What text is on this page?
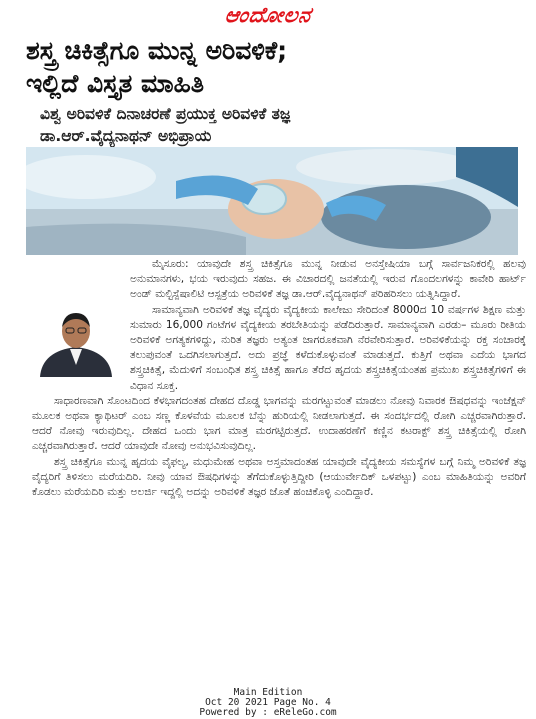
ಆಂದೋಲನ
ಶಸ್ತ್ರ ಚಿಕಿತ್ಸೆಗೂ ಮುನ್ನ ಅರಿವಳಿಕೆ;
ಇಲ್ಲಿದೆ ವಿಸ್ತೃತ ಮಾಹಿತಿ
ವಿಶ್ವ ಅರಿವಳಿಕೆ ದಿನಾಚರಣೆ ಪ್ರಯುಕ್ತ ಅರಿವಳಿಕೆ ತಜ್ಞ
ಡಾ.ಆರ್.ವೈದ್ಯನಾಥನ್ ಅಭಿಪ್ರಾಯ

ಮೈಸೂರು: ಯಾವುದೇ ಶಸ್ತ್ರ ಚಿಕಿತ್ಸೆಗೂ ಮುನ್ನ ನೀಡುವ ಅನಸ್ತೇಷಿಯಾ ಬಗ್ಗೆ ಸಾರ್ವಜನಿಕರಲ್ಲಿ ಹಲವು ಅನುಮಾನಗಳು, ಭಯ ಇರುವುದು ಸಹಜ. ಈ ವಿಚಾರದಲ್ಲಿ ಜನತೆಯಲ್ಲಿ ಇರುವ ಗೊಂದಲಗಳನ್ನು ಕಾವೇರಿ ಹಾರ್ಟ್ ಅಂಡ್ ಮಲ್ಟಿಸ್ಪೆಷಾಲಿಟಿ ಆಸ್ಪತ್ರೆಯ ಅರಿವಳಿಕೆ ತಜ್ಞ ಡಾ.ಆರ್.ವೈದ್ಯನಾಥನ್ ಪರಿಹರಿಸಲು ಯತ್ನಿಸಿದ್ದಾರೆ.

ಸಾಮಾನ್ಯವಾಗಿ ಅರಿವಳಿಕೆ ತಜ್ಞ ವೈದ್ಯರು ವೈದ್ಯಕೀಯ ಕಾಲೇಜು ಸೇರಿದಂತೆ 8000ದ 10 ವರ್ಷಗಳ ಶಿಕ್ಷಣ ಮತ್ತು ಸುಮಾರು 16,000 ಗಂಟೆಗಳ ವೈದ್ಯಕೀಯ ತರಬೇತಿಯನ್ನು ಪಡೆದಿರುತ್ತಾರೆ. ಸಾಮಾನ್ಯವಾಗಿ ಎರಡು– ಮೂರು ರೀತಿಯ ಅರಿವಳಿಕೆ ಅಗತ್ಯಕಗಳಿದ್ದು, ನುರಿತ ತಜ್ಞರು ಅತ್ಯಂತ ಜಾಗರೂಕವಾಗಿ ನೆರವೇರಿಸುತ್ತಾರೆ. ಅರಿವಳಿಕೆಯನ್ನು ರಕ್ತ ಸಂಚಾರಕ್ಕೆ ತಲುಪುವಂತೆ ಒದಗಿಸಲಾಗುತ್ತದೆ. ಅದು ಪ್ರಜ್ಞೆ ಕಳೆದುಕೊಳ್ಳುವಂತೆ ಮಾಡುತ್ತದೆ. ಕುತ್ತಿಗೆ ಅಥವಾ ಎದೆಯ ಭಾಗದ ಶಸ್ತ್ರಚಿಕಿತ್ಸೆ, ಮೆದುಳಿಗೆ ಸಂಬಂಧಿತ ಶಸ್ತ್ರ ಚಿಕಿತ್ಸೆ ಹಾಗೂ ತೆರೆದ ಹೃದಯ ಶಸ್ತ್ರಚಿಕಿತ್ಸೆಯಂತಹ ಪ್ರಮುಖ ಶಸ್ತ್ರಚಿಕಿತ್ಸೆಗಳಿಗೆ ಈ ವಿಧಾನ ಸೂಕ್ತ.

ಸಾಧಾರಣವಾಗಿ ಸೊಂಟದಿಂದ ಕೆಳಭಾಗದಂತಹ ದೇಹದ ದೊಡ್ಡ ಭಾಗವನ್ನು ಮರಗಟ್ಟುವಂತೆ ಮಾಡಲು ನೋವು ನಿವಾರಕ ಔಷಧವನ್ನು ಇಂಜೆಕ್ಷನ್ ಮೂಲಕ ಅಥವಾ ಕ್ಯಾಥಿಟರ್ ಎಂಬ ಸಣ್ಣ ಕೊಳವೆಯ ಮೂಲಕ ಬೆನ್ನು ಹುರಿಯಲ್ಲಿ ನೀಡಲಾಗುತ್ತದೆ. ಈ ಸಂದರ್ಭದಲ್ಲಿ ರೋಗಿ ಎಚ್ಚರವಾಗಿರುತ್ತಾರೆ. ಆದರೆ ನೋವು ಇರುವುದಿಲ್ಲ. ದೇಹದ ಒಂದು ಭಾಗ ಮಾತ್ರ ಮರಗಟ್ಟಿರುತ್ತದೆ. ಉದಾಹರಣೆಗೆ ಕಣ್ಣಿನ ಕಟರಾಕ್ಟ್ ಶಸ್ತ್ರ ಚಿಕಿತ್ಸೆಯಲ್ಲಿ ರೋಗಿ ಎಚ್ಚರವಾಗಿರುತ್ತಾರೆ. ಆದರೆ ಯಾವುದೇ ನೋವು ಅನುಭವಿಸುವುದಿಲ್ಲ.

ಶಸ್ತ್ರ ಚಿಕಿತ್ಸೆಗೂ ಮುನ್ನ ಹೃದಯ ವೈಫಲ್ಯ, ಮಧುಮೇಹ ಅಥವಾ ಅಸ್ತಮಾದಂತಹ ಯಾವುದೇ ವೈದ್ಯಕೀಯ ಸಮಸ್ಯೆಗಳ ಬಗ್ಗೆ ನಿಮ್ಮ ಅರಿವಳಿಕೆ ತಜ್ಞ ವೈದ್ಯರಿಗೆ ತಿಳಿಸಲು ಮರೆಯದಿರಿ. ನೀವು ಯಾವ ಔಷಧಿಗಳನ್ನು ತೆಗೆದುಕೊಳ್ಳುತ್ತಿದ್ದೀರಿ (ಆಯುರ್ವೇದಿಕ್ ಒಳಪಟ್ಟು) ಎಂಬ ಮಾಹಿತಿಯನ್ನು ಅವರಿಗೆ ಕೊಡಲು ಮರೆಯದಿರಿ ಮತ್ತು ಅಲರ್ಜಿ ಇದ್ದಲ್ಲಿ ಅದನ್ನು ಅರಿವಳಿಕೆ ತಜ್ಞರ ಜೊತೆ ಹಂಚಿಕೊಳ್ಳಿ ಎಂದಿದ್ದಾರೆ.

Main Edition
Oct 20 2021 Page No. 4
Powered by : eReleGo.com
